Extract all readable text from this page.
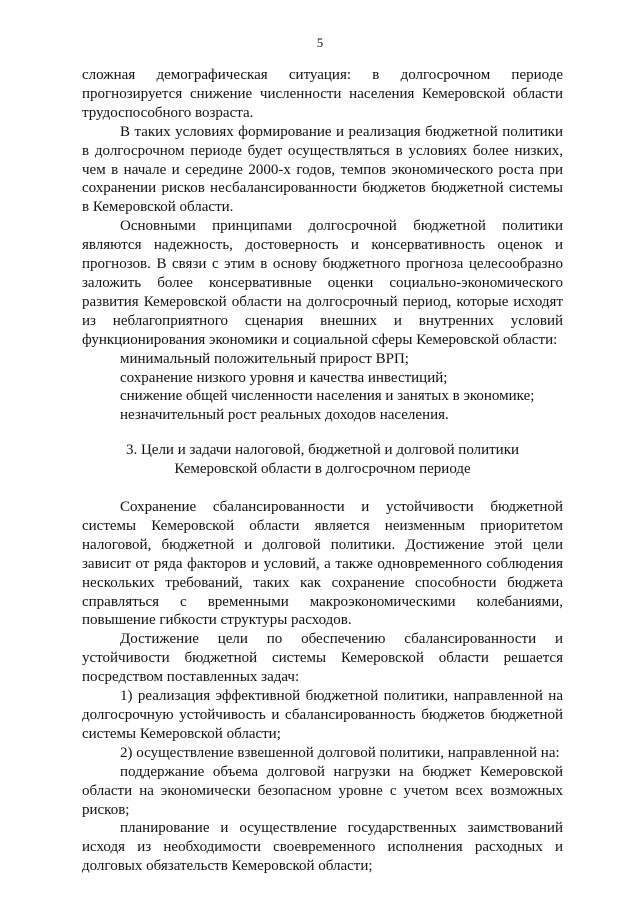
5

сложная демографическая ситуация: в долгосрочном периоде прогнозируется снижение численности населения Кемеровской области трудоспособного возраста.

В таких условиях формирование и реализация бюджетной политики в долгосрочном периоде будет осуществляться в условиях более низких, чем в начале и середине 2000-х годов, темпов экономического роста при сохранении рисков несбалансированности бюджетов бюджетной системы в Кемеровской области.

Основными принципами долгосрочной бюджетной политики являются надежность, достоверность и консервативность оценок и прогнозов. В связи с этим в основу бюджетного прогноза целесообразно заложить более консервативные оценки социально-экономического развития Кемеровской области на долгосрочный период, которые исходят из неблагоприятного сценария внешних и внутренних условий функционирования экономики и социальной сферы Кемеровской области:

минимальный положительный прирост ВРП;

сохранение низкого уровня и качества инвестиций;

снижение общей численности населения и занятых в экономике;

незначительный рост реальных доходов населения.

3. Цели и задачи налоговой, бюджетной и долговой политики
Кемеровской области в долгосрочном периоде

Сохранение сбалансированности и устойчивости бюджетной системы Кемеровской области является неизменным приоритетом налоговой, бюджетной и долговой политики. Достижение этой цели зависит от ряда факторов и условий, а также одновременного соблюдения нескольких требований, таких как сохранение способности бюджета справляться с временными макроэкономическими колебаниями, повышение гибкости структуры расходов.

Достижение цели по обеспечению сбалансированности и устойчивости бюджетной системы Кемеровской области решается посредством поставленных задач:

1) реализация эффективной бюджетной политики, направленной на долгосрочную устойчивость и сбалансированность бюджетов бюджетной системы Кемеровской области;

2) осуществление взвешенной долговой политики, направленной на:

поддержание объема долговой нагрузки на бюджет Кемеровской области на экономически безопасном уровне с учетом всех возможных рисков;

планирование и осуществление государственных заимствований исходя из необходимости своевременного исполнения расходных и долговых обязательств Кемеровской области;
